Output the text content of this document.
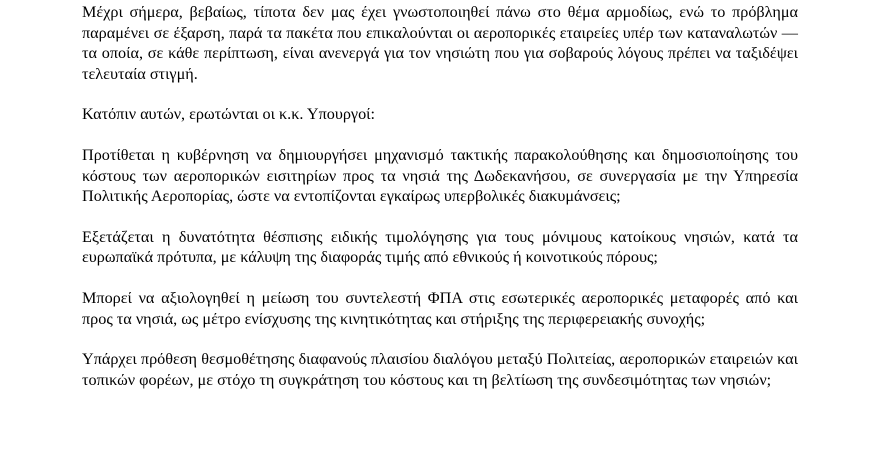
Μέχρι σήμερα, βεβαίως, τίποτα δεν μας έχει γνωστοποιηθεί πάνω στο θέμα αρμοδίως, ενώ το πρόβλημα παραμένει σε έξαρση, παρά τα πακέτα που επικαλούνται οι αεροπορικές εταιρείες υπέρ των καταναλωτών — τα οποία, σε κάθε περίπτωση, είναι ανενεργά για τον νησιώτη που για σοβαρούς λόγους πρέπει να ταξιδέψει τελευταία στιγμή.

Κατόπιν αυτών, ερωτώνται οι κ.κ. Υπουργοί:

Προτίθεται η κυβέρνηση να δημιουργήσει μηχανισμό τακτικής παρακολούθησης και δημοσιοποίησης του κόστους των αεροπορικών εισιτηρίων προς τα νησιά της Δωδεκανήσου, σε συνεργασία με την Υπηρεσία Πολιτικής Αεροπορίας, ώστε να εντοπίζονται εγκαίρως υπερβολικές διακυμάνσεις;

Εξετάζεται η δυνατότητα θέσπισης ειδικής τιμολόγησης για τους μόνιμους κατοίκους νησιών, κατά τα ευρωπαϊκά πρότυπα, με κάλυψη της διαφοράς τιμής από εθνικούς ή κοινοτικούς πόρους;

Μπορεί να αξιολογηθεί η μείωση του συντελεστή ΦΠΑ στις εσωτερικές αεροπορικές μεταφορές από και προς τα νησιά, ως μέτρο ενίσχυσης της κινητικότητας και στήριξης της περιφερειακής συνοχής;

Υπάρχει πρόθεση θεσμοθέτησης διαφανούς πλαισίου διαλόγου μεταξύ Πολιτείας, αεροπορικών εταιρειών και τοπικών φορέων, με στόχο τη συγκράτηση του κόστους και τη βελτίωση της συνδεσιμότητας των νησιών;
